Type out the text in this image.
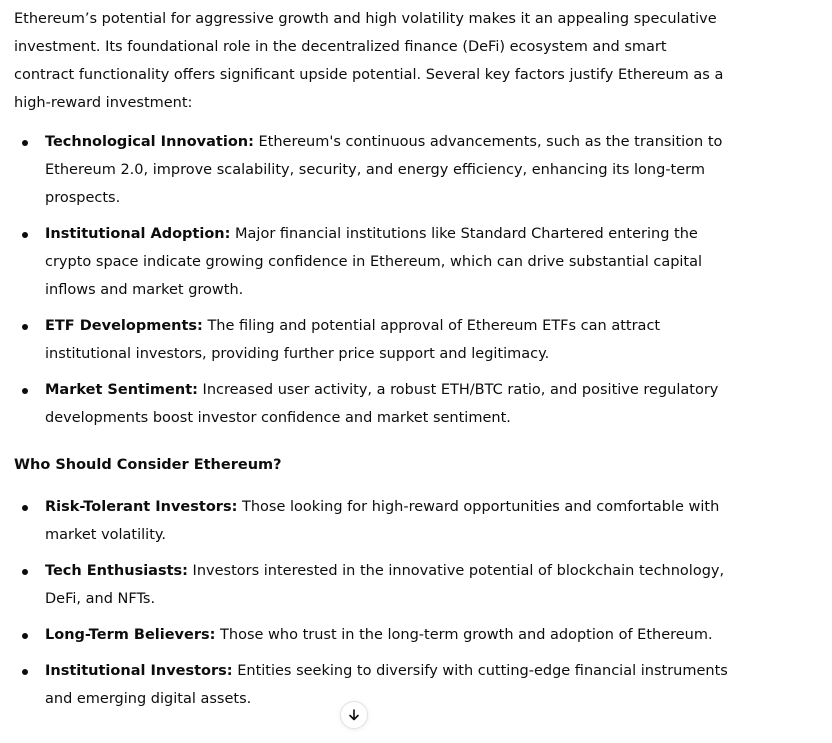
Ethereum’s potential for aggressive growth and high volatility makes it an appealing speculative investment. Its foundational role in the decentralized finance (DeFi) ecosystem and smart contract functionality offers significant upside potential. Several key factors justify Ethereum as a high-reward investment:

Technological Innovation: Ethereum's continuous advancements, such as the transition to Ethereum 2.0, improve scalability, security, and energy efficiency, enhancing its long-term prospects.
Institutional Adoption: Major financial institutions like Standard Chartered entering the crypto space indicate growing confidence in Ethereum, which can drive substantial capital inflows and market growth.
ETF Developments: The filing and potential approval of Ethereum ETFs can attract institutional investors, providing further price support and legitimacy.
Market Sentiment: Increased user activity, a robust ETH/BTC ratio, and positive regulatory developments boost investor confidence and market sentiment.

Who Should Consider Ethereum?

Risk-Tolerant Investors: Those looking for high-reward opportunities and comfortable with market volatility.
Tech Enthusiasts: Investors interested in the innovative potential of blockchain technology, DeFi, and NFTs.
Long-Term Believers: Those who trust in the long-term growth and adoption of Ethereum.
Institutional Investors: Entities seeking to diversify with cutting-edge financial instruments and emerging digital assets.
